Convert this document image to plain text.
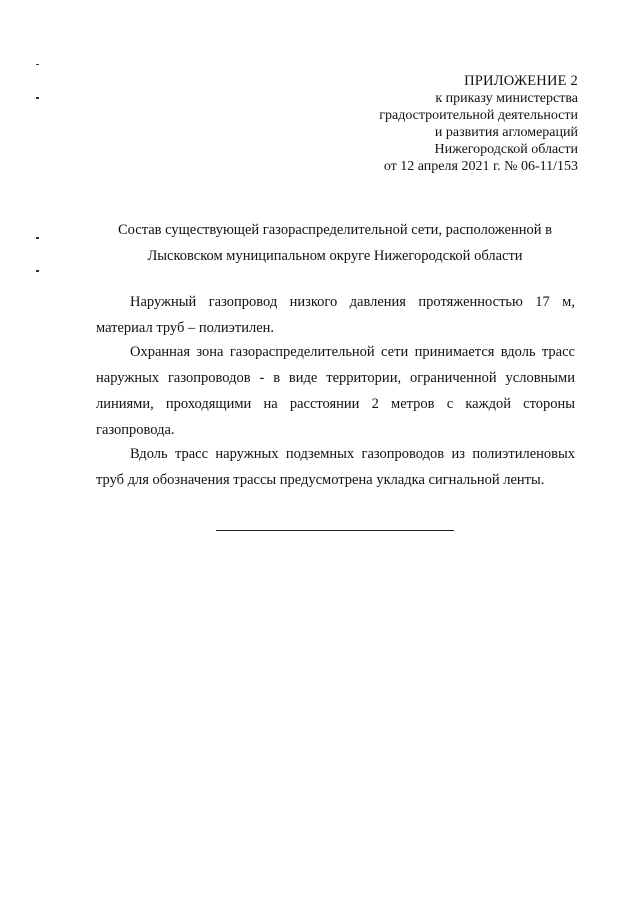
ПРИЛОЖЕНИЕ 2
к приказу министерства
градостроительной деятельности
и развития агломераций
Нижегородской области
от 12 апреля 2021 г. № 06-11/153
Состав существующей газораспределительной сети, расположенной в
Лысковском муниципальном округе Нижегородской области
Наружный газопровод низкого давления протяженностью 17 м, материал труб – полиэтилен.
Охранная зона газораспределительной сети принимается вдоль трасс наружных газопроводов - в виде территории, ограниченной условными линиями, проходящими на расстоянии 2 метров с каждой стороны газопровода.
Вдоль трасс наружных подземных газопроводов из полиэтиленовых труб для обозначения трассы предусмотрена укладка сигнальной ленты.
